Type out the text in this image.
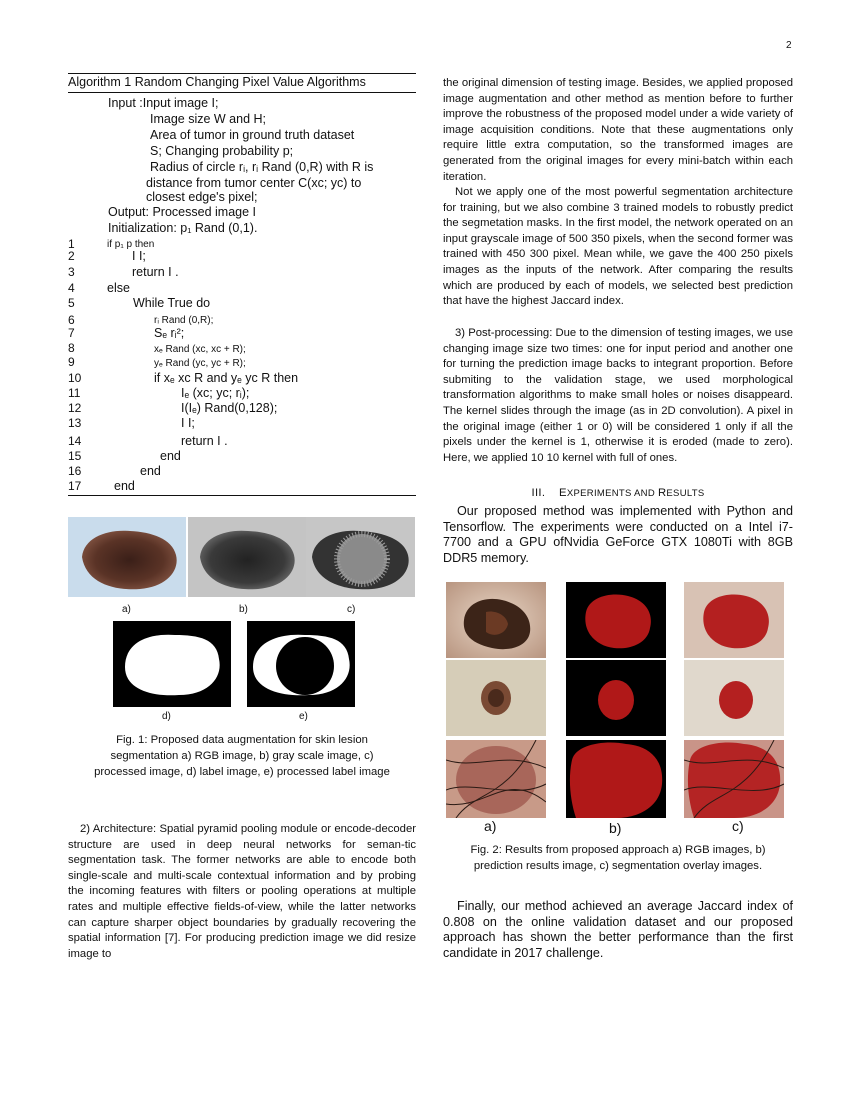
2
Algorithm 1 Random Changing Pixel Value Algorithms
Input :Input image I;
Image size W and H;
Area of tumor in ground truth dataset
S; Changing probability p;
Radius of circle rᵢ, rᵢ Rand (0,R) with R is
distance from tumor center C(xᴄ; yᴄ) to
closest edge's pixel;
Output: Processed image I
Initialization: p₁ Rand (0,1).
1	if p₁ p then
2	I I;
3	return I .
4	else
5	While True do
6	rᵢ Rand (0,R);
7	Sₑ rᵢ²;
8	xₑ Rand (xᴄ, xᴄ + R);
9	yₑ Rand (yᴄ, yᴄ + R);
10	if xₑ xᴄ R and yₑ yᴄ R then
11	Iₑ (xᴄ; yᴄ; rᵢ);
12	I(Iₑ) Rand(0,128);
13	I I;
14	return I .
15	end
16	end
17	end
a)	b)	c)
d)	e)
Fig. 1: Proposed data augmentation for skin lesion
segmentation a) RGB image, b) gray scale image, c)
processed image, d) label image, e) processed label image
2) Architecture: Spatial pyramid pooling module or encode-decoder structure are used in deep neural networks for seman-tic segmentation task. The former networks are able to encode both single-scale and multi-scale contextual information and by probing the incoming features with filters or pooling operations at multiple rates and multiple effective fields-of-view, while the latter networks can capture sharper object boundaries by gradually recovering the spatial information [7]. For producing prediction image we did resize image to
the original dimension of testing image. Besides, we applied proposed image augmentation and other method as mention before to further improve the robustness of the proposed model under a wide variety of image acquisition conditions. Note that these augmentations only require little extra computation, so the transformed images are generated from the original images for every mini-batch within each iteration.
Not we apply one of the most powerful segmentation architecture for training, but we also combine 3 trained models to robustly predict the segmetation masks. In the first model, the network operated on an input grayscale image of 500 350 pixels, when the second former was trained with 450 300 pixel. Mean while, we gave the 400 250 pixels images as the inputs of the network. After comparing the results which are produced by each of models, we selected best prediction that have the highest Jaccard index.
3) Post-processing: Due to the dimension of testing images, we use changing image size two times: one for input period and another one for turning the prediction image backs to integrant proportion. Before submiting to the validation stage, we used morphological transformation algorithms to make small holes or noises disappeard. The kernel slides through the image (as in 2D convolution). A pixel in the original image (either 1 or 0) will be considered 1 only if all the pixels under the kernel is 1, otherwise it is eroded (made to zero). Here, we applied 10 10 kernel with full of ones.
III. EXPERIMENTS AND RESULTS
Our proposed method was implemented with Python and Tensorflow. The experiments were conducted on a Intel i7-7700 and a GPU ofNvidia GeForce GTX 1080Ti with 8GB DDR5 memory.
a)	b)	c)
Fig. 2: Results from proposed approach a) RGB images, b)
prediction results image, c) segmentation overlay images.
Finally, our method achieved an average Jaccard index of 0.808 on the online validation dataset and our proposed approach has shown the better performance than the first candidate in 2017 challenge.
